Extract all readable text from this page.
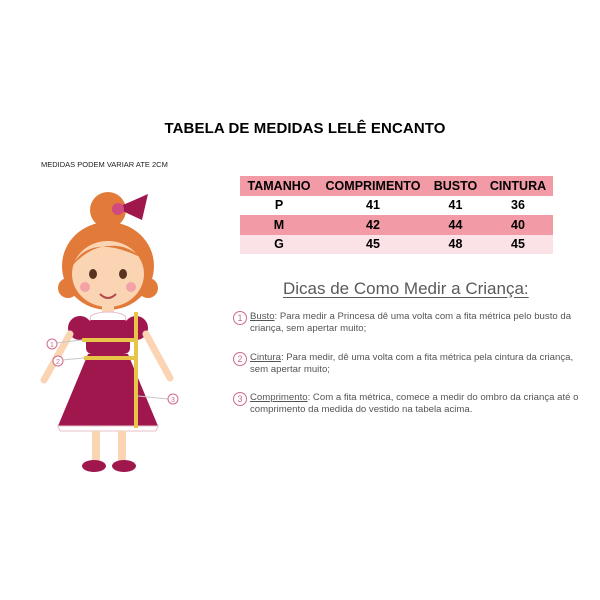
TABELA DE MEDIDAS LELÊ ENCANTO
MEDIDAS PODEM VARIAR ATE 2CM
TAMANHO	COMPRIMENTO	BUSTO	CINTURA
P	41	41	36
M	42	44	40
G	45	48	45
Dicas de Como Medir a Criança:
1 Busto: Para medir a Princesa dê uma volta com a fita métrica pelo busto da criança, sem apertar muito;
2 Cintura: Para medir, dê uma volta com a fita métrica pela cintura da criança, sem apertar muito;
3 Comprimento: Com a fita métrica, comece a medir do ombro da criança até o comprimento da medida do vestido na tabela acima.
1
2
3
